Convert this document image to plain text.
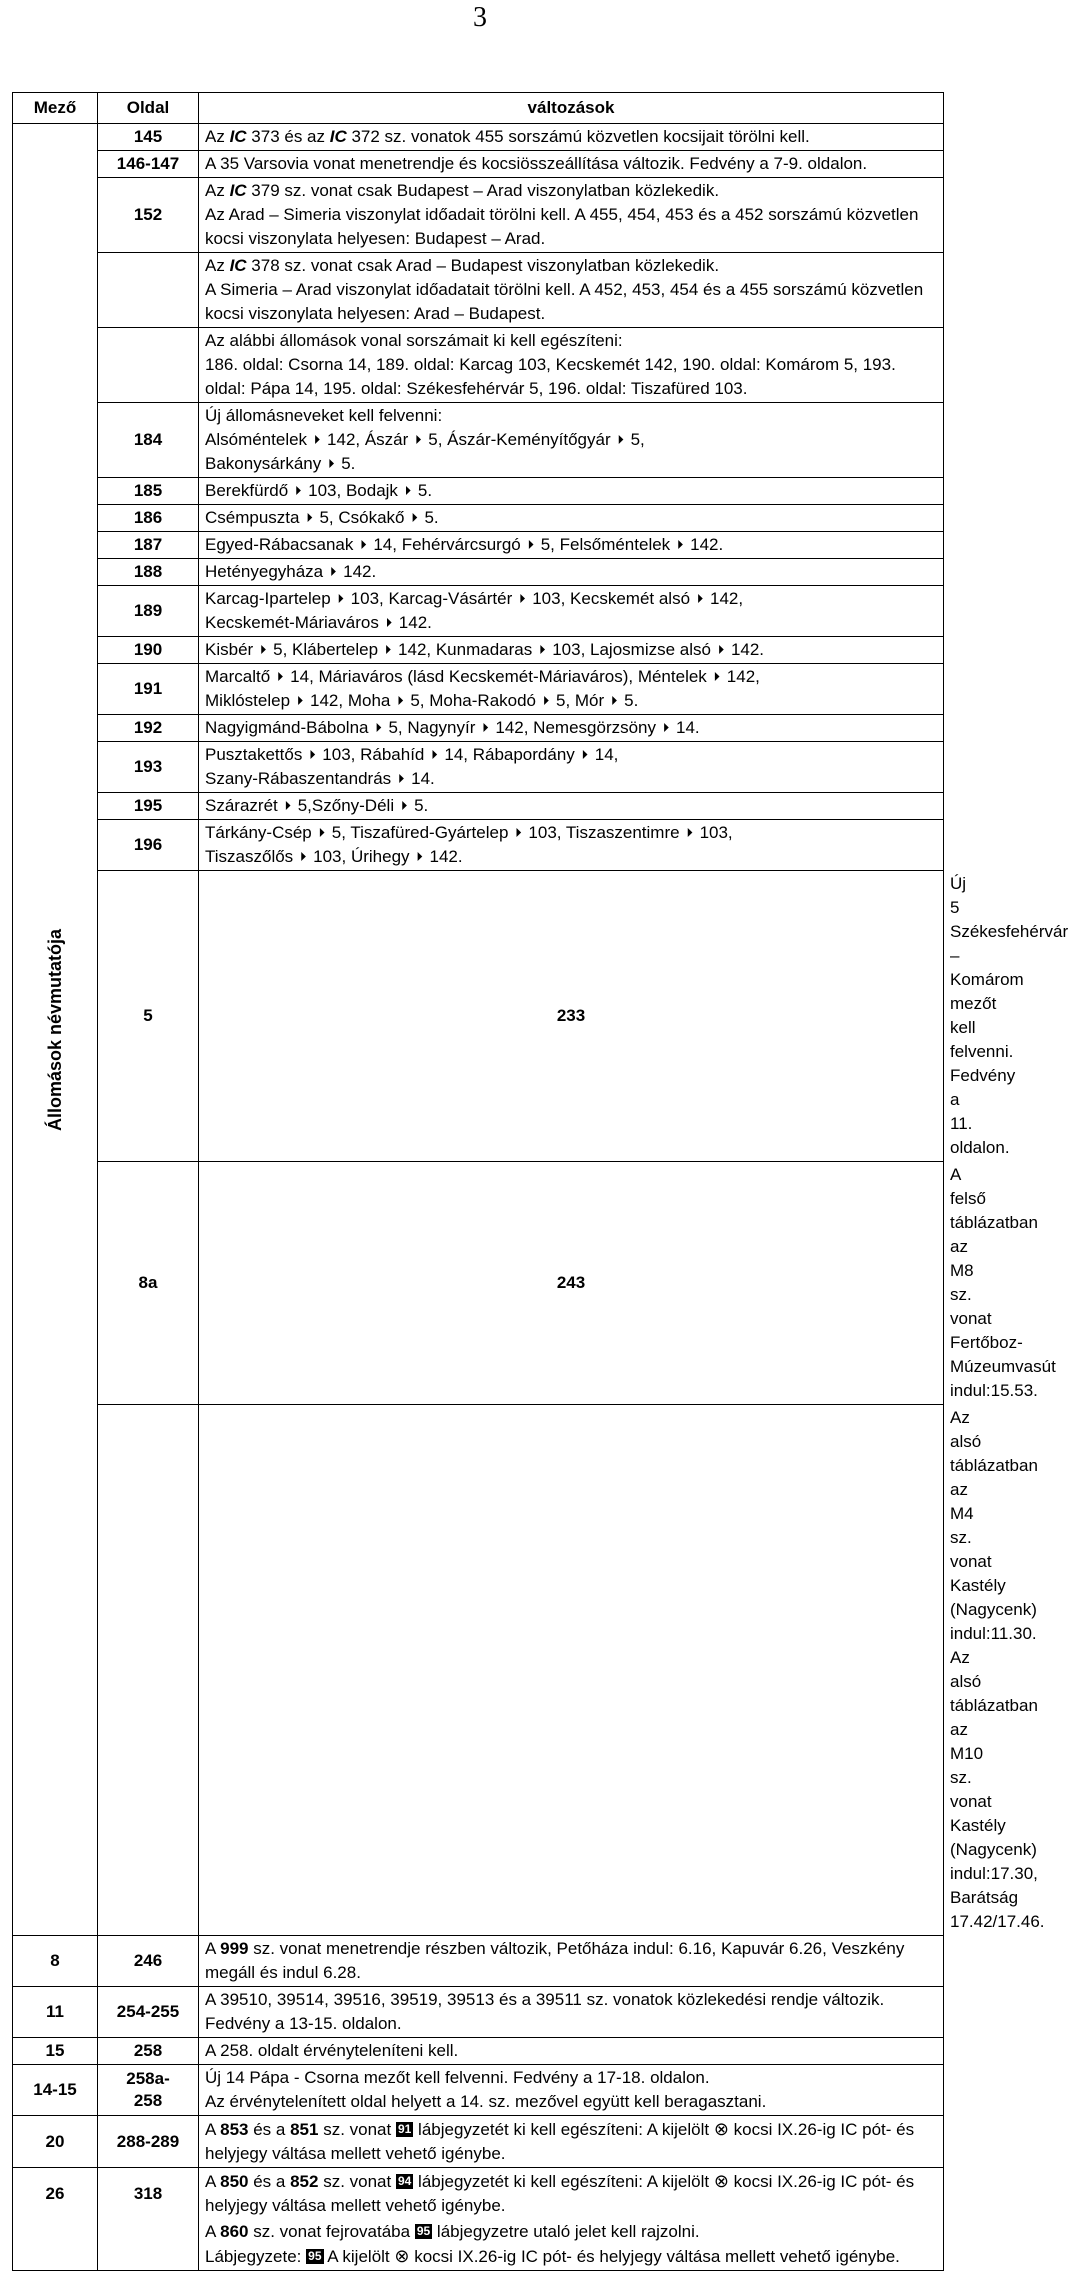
3
Mező	Oldal	változások	

Állomások névmutatója	145	Az IC 373 és az IC 372 sz. vonatok 455 sorszámú közvetlen kocsijait törölni kell.	
	146-147	A 35 Varsovia vonat menetrendje és kocsiösszeállítása változik. Fedvény a 7-9. oldalon.	
	152	Az IC 379 sz. vonat csak Budapest – Arad viszonylatban közlekedik.

Az Arad – Simeria viszonylat időadait törölni kell. A 455, 454, 453 és a 452 sorszámú közvetlen kocsi viszonylata helyesen: Budapest – Arad.	

		Az IC 378 sz. vonat csak Arad – Budapest viszonylatban közlekedik.

A Simeria – Arad viszonylat időadatait törölni kell. A 452, 453, 454 és a 455 sorszámú közvetlen kocsi viszonylata helyesen: Arad – Budapest.	

		Az alábbi állomások vonal sorszámait ki kell egészíteni:

186. oldal: Csorna 14, 189. oldal: Karcag 103, Kecskemét 142, 190. oldal: Komárom 5, 193. oldal: Pápa 14, 195. oldal: Székesfehérvár 5, 196. oldal: Tiszafüred 103.	

	184	Új állomásneveket kell felvenni:

Alsóméntelek ⏵ 142, Ászár ⏵ 5, Ászár-Keményítőgyár ⏵ 5,
Bakonysárkány ⏵ 5.	

	185	Berekfürdő ⏵ 103, Bodajk ⏵ 5.	
	186	Csémpuszta ⏵ 5, Csókakő ⏵ 5.	
	187	Egyed-Rábacsanak ⏵ 14, Fehérvárcsurgó ⏵ 5, Felsőméntelek ⏵ 142.	
	188	Hetényegyháza ⏵ 142.	
	189	Karcag-Ipartelep ⏵ 103, Karcag-Vásártér ⏵ 103, Kecskemét alsó ⏵ 142,
Kecskemét-Máriaváros ⏵ 142.	
	190	Kisbér ⏵ 5, Klábertelep ⏵ 142, Kunmadaras ⏵ 103, Lajosmizse alsó ⏵ 142.	
	191	Marcaltő ⏵ 14, Máriaváros (lásd Kecskemét-Máriaváros), Méntelek ⏵ 142,
Miklóstelep ⏵ 142, Moha ⏵ 5, Moha-Rakodó ⏵ 5, Mór ⏵ 5.	
	192	Nagyigmánd-Bábolna ⏵ 5, Nagynyír ⏵ 142, Nemesgörzsöny ⏵ 14.	
	193	Pusztakettős ⏵ 103, Rábahíd ⏵ 14, Rábapordány ⏵ 14,
Szany-Rábaszentandrás ⏵ 14.	
	195	Szárazrét ⏵ 5,Szőny-Déli ⏵ 5.	
	196	Tárkány-Csép ⏵ 5, Tiszafüred-Gyártelep ⏵ 103, Tiszaszentimre ⏵ 103,
Tiszaszőlős ⏵ 103, Úrihegy ⏵ 142.	
	5	233	Új 5 Székesfehérvár – Komárom mezőt kell felvenni. Fedvény a 11. oldalon.
	8a	243	A felső táblázatban az M8 sz. vonat Fertőboz-Múzeumvasút indul:15.53.

			Az alsó táblázatban az M4 sz. vonat Kastély (Nagycenk) indul:11.30.

Az alsó táblázatban az M10 sz. vonat Kastély (Nagycenk) indul:17.30, Barátság 17.42/17.46.

8	246	A 999 sz. vonat menetrendje részben változik, Petőháza indul: 6.16, Kapuvár 6.26, Veszkény megáll és indul 6.28.	
11	254-255	A 39510, 39514, 39516, 39519, 39513 és a 39511 sz. vonatok közlekedési rendje változik. Fedvény a 13-15. oldalon.	
15	258	A 258. oldalt érvényteleníteni kell.	
14-15	258a-258	Új 14 Pápa - Csorna mezőt kell felvenni. Fedvény a 17-18. oldalon.

Az érvénytelenített oldal helyett a 14. sz. mezővel együtt kell beragasztani.	

20	288-289	A 853 és a 851 sz. vonat 91 lábjegyzetét ki kell egészíteni: A kijelölt ⊗ kocsi IX.26-ig IC pót- és helyjegy váltása mellett vehető igénybe.	
26	318	A 850 és a 852 sz. vonat 94 lábjegyzetét ki kell egészíteni: A kijelölt ⊗ kocsi IX.26-ig IC pót- és helyjegy váltása mellett vehető igénybe.

A 860 sz. vonat fejrovatába 95 lábjegyzetre utaló jelet kell rajzolni.
Lábjegyzete: 95 A kijelölt ⊗ kocsi IX.26-ig IC pót- és helyjegy váltása mellett vehető igénybe.	
